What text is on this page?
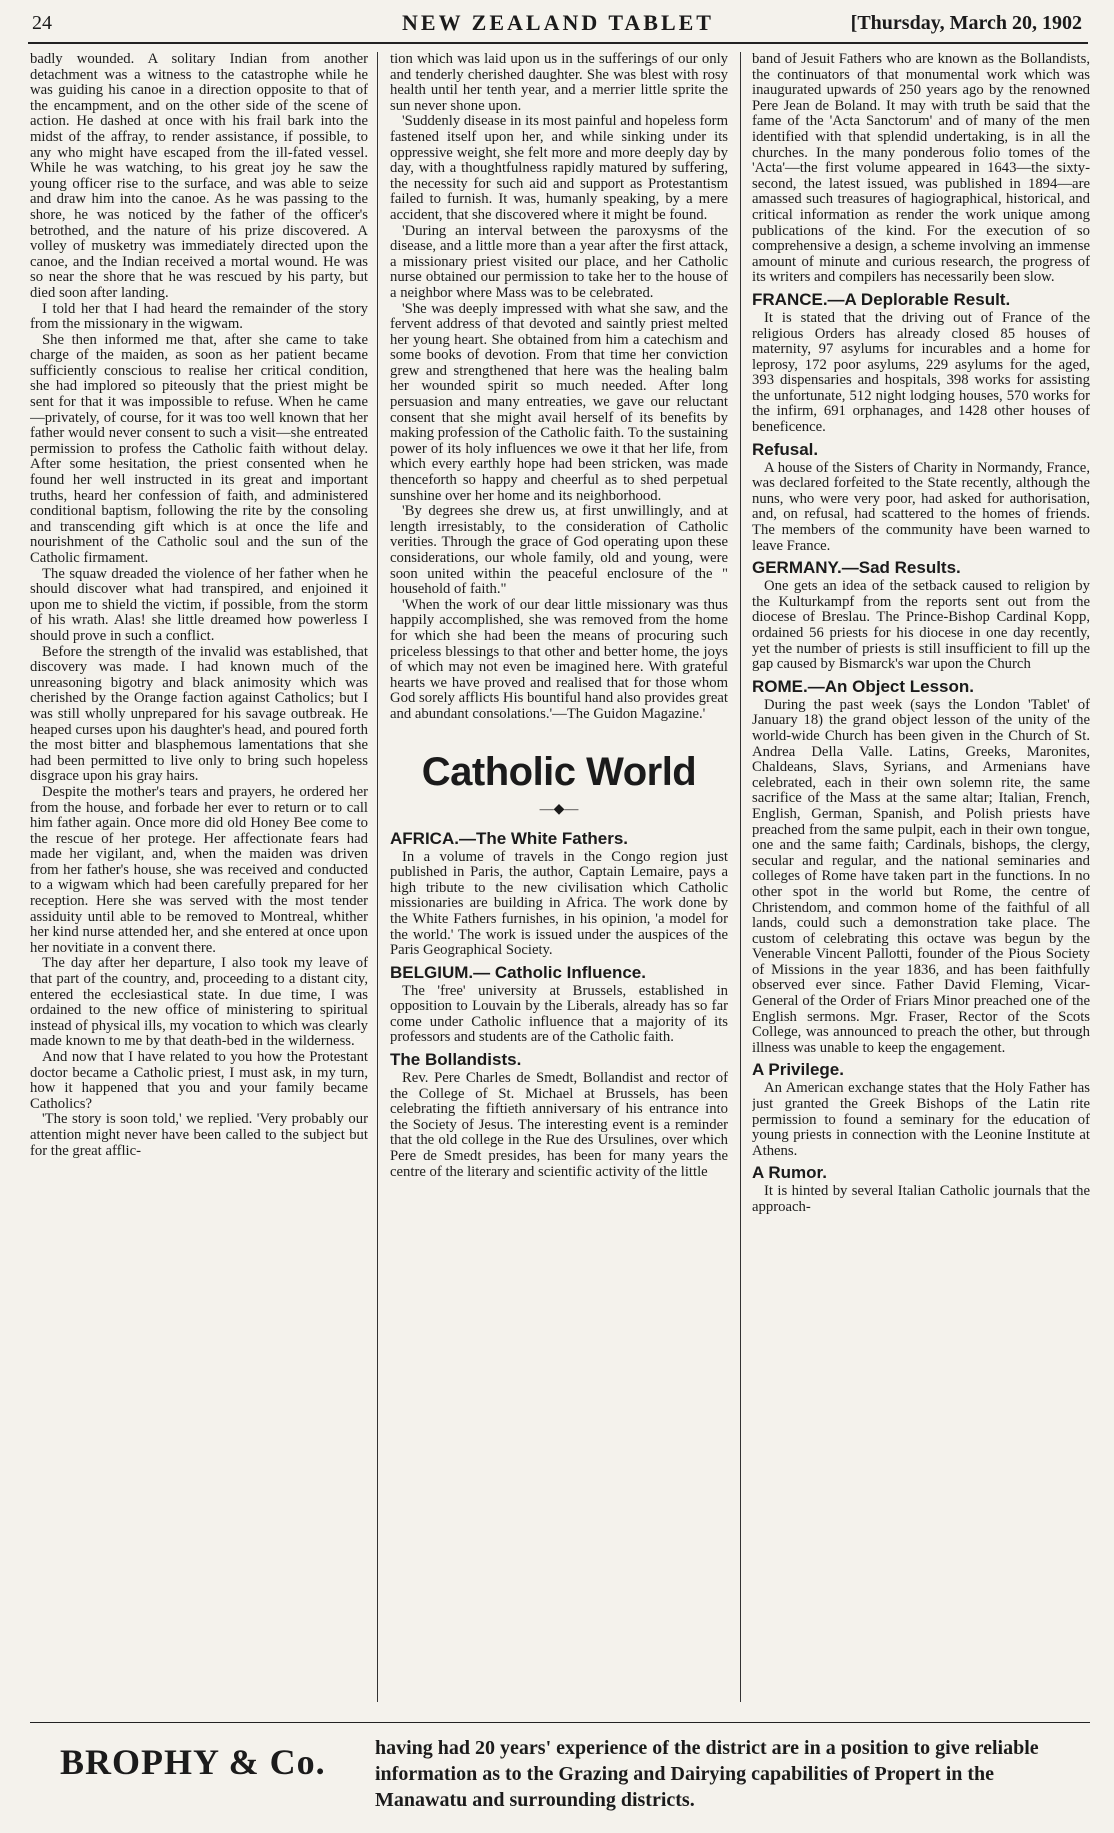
24	NEW ZEALAND TABLET	[Thursday, March 20, 1902

badly wounded. A solitary Indian from another detachment was a witness to the catastrophe while he was guiding his canoe in a direction opposite to that of the encampment, and on the other side of the scene of action. He dashed at once with his frail bark into the midst of the affray, to render assistance, if possible, to any who might have escaped from the ill-fated vessel. While he was watching, to his great joy he saw the young officer rise to the surface, and was able to seize and draw him into the canoe. As he was passing to the shore, he was noticed by the father of the officer's betrothed, and the nature of his prize discovered. A volley of musketry was immediately directed upon the canoe, and the Indian received a mortal wound. He was so near the shore that he was rescued by his party, but died soon after landing.

I told her that I had heard the remainder of the story from the missionary in the wigwam.

She then informed me that, after she came to take charge of the maiden, as soon as her patient became sufficiently conscious to realise her critical condition, she had implored so piteously that the priest might be sent for that it was impossible to refuse. When he came—privately, of course, for it was too well known that her father would never consent to such a visit—she entreated permission to profess the Catholic faith without delay. After some hesitation, the priest consented when he found her well instructed in its great and important truths, heard her confession of faith, and administered conditional baptism, following the rite by the consoling and transcending gift which is at once the life and nourishment of the Catholic soul and the sun of the Catholic firmament.

The squaw dreaded the violence of her father when he should discover what had transpired, and enjoined it upon me to shield the victim, if possible, from the storm of his wrath. Alas! she little dreamed how powerless I should prove in such a conflict.

Before the strength of the invalid was established, that discovery was made. I had known much of the unreasoning bigotry and black animosity which was cherished by the Orange faction against Catholics; but I was still wholly unprepared for his savage outbreak. He heaped curses upon his daughter's head, and poured forth the most bitter and blasphemous lamentations that she had been permitted to live only to bring such hopeless disgrace upon his gray hairs.

Despite the mother's tears and prayers, he ordered her from the house, and forbade her ever to return or to call him father again. Once more did old Honey Bee come to the rescue of her protege. Her affectionate fears had made her vigilant, and, when the maiden was driven from her father's house, she was received and conducted to a wigwam which had been carefully prepared for her reception. Here she was served with the most tender assiduity until able to be removed to Montreal, whither her kind nurse attended her, and she entered at once upon her novitiate in a convent there.

The day after her departure, I also took my leave of that part of the country, and, proceeding to a distant city, entered the ecclesiastical state. In due time, I was ordained to the new office of ministering to spiritual instead of physical ills, my vocation to which was clearly made known to me by that death-bed in the wilderness.

And now that I have related to you how the Protestant doctor became a Catholic priest, I must ask, in my turn, how it happened that you and your family became Catholics?

'The story is soon told,' we replied. 'Very probably our attention might never have been called to the subject but for the great afflic-

tion which was laid upon us in the sufferings of our only and tenderly cherished daughter. She was blest with rosy health until her tenth year, and a merrier little sprite the sun never shone upon.

'Suddenly disease in its most painful and hopeless form fastened itself upon her, and while sinking under its oppressive weight, she felt more and more deeply day by day, with a thoughtfulness rapidly matured by suffering, the necessity for such aid and support as Protestantism failed to furnish. It was, humanly speaking, by a mere accident, that she discovered where it might be found.

'During an interval between the paroxysms of the disease, and a little more than a year after the first attack, a missionary priest visited our place, and her Catholic nurse obtained our permission to take her to the house of a neighbor where Mass was to be celebrated.

'She was deeply impressed with what she saw, and the fervent address of that devoted and saintly priest melted her young heart. She obtained from him a catechism and some books of devotion. From that time her conviction grew and strengthened that here was the healing balm her wounded spirit so much needed. After long persuasion and many entreaties, we gave our reluctant consent that she might avail herself of its benefits by making profession of the Catholic faith. To the sustaining power of its holy influences we owe it that her life, from which every earthly hope had been stricken, was made thenceforth so happy and cheerful as to shed perpetual sunshine over her home and its neighborhood.

'By degrees she drew us, at first unwillingly, and at length irresistably, to the consideration of Catholic verities. Through the grace of God operating upon these considerations, our whole family, old and young, were soon united within the peaceful enclosure of the " household of faith."

'When the work of our dear little missionary was thus happily accomplished, she was removed from the home for which she had been the means of procuring such priceless blessings to that other and better home, the joys of which may not even be imagined here. With grateful hearts we have proved and realised that for those whom God sorely afflicts His bountiful hand also provides great and abundant consolations.'—The Guidon Magazine.'

Catholic World
—◆—
AFRICA.—The White Fathers.

In a volume of travels in the Congo region just published in Paris, the author, Captain Lemaire, pays a high tribute to the new civilisation which Catholic missionaries are building in Africa. The work done by the White Fathers furnishes, in his opinion, 'a model for the world.' The work is issued under the auspices of the Paris Geographical Society.

BELGIUM.— Catholic Influence.

The 'free' university at Brussels, established in opposition to Louvain by the Liberals, already has so far come under Catholic influence that a majority of its professors and students are of the Catholic faith.

The Bollandists.

Rev. Pere Charles de Smedt, Bollandist and rector of the College of St. Michael at Brussels, has been celebrating the fiftieth anniversary of his entrance into the Society of Jesus. The interesting event is a reminder that the old college in the Rue des Ursulines, over which Pere de Smedt presides, has been for many years the centre of the literary and scientific activity of the little

band of Jesuit Fathers who are known as the Bollandists, the continuators of that monumental work which was inaugurated upwards of 250 years ago by the renowned Pere Jean de Boland. It may with truth be said that the fame of the 'Acta Sanctorum' and of many of the men identified with that splendid undertaking, is in all the churches. In the many ponderous folio tomes of the 'Acta'—the first volume appeared in 1643—the sixty-second, the latest issued, was published in 1894—are amassed such treasures of hagiographical, historical, and critical information as render the work unique among publications of the kind. For the execution of so comprehensive a design, a scheme involving an immense amount of minute and curious research, the progress of its writers and compilers has necessarily been slow.

FRANCE.—A Deplorable Result.

It is stated that the driving out of France of the religious Orders has already closed 85 houses of maternity, 97 asylums for incurables and a home for leprosy, 172 poor asylums, 229 asylums for the aged, 393 dispensaries and hospitals, 398 works for assisting the unfortunate, 512 night lodging houses, 570 works for the infirm, 691 orphanages, and 1428 other houses of beneficence.

Refusal.

A house of the Sisters of Charity in Normandy, France, was declared forfeited to the State recently, although the nuns, who were very poor, had asked for authorisation, and, on refusal, had scattered to the homes of friends. The members of the community have been warned to leave France.

GERMANY.—Sad Results.

One gets an idea of the setback caused to religion by the Kulturkampf from the reports sent out from the diocese of Breslau. The Prince-Bishop Cardinal Kopp, ordained 56 priests for his diocese in one day recently, yet the number of priests is still insufficient to fill up the gap caused by Bismarck's war upon the Church

ROME.—An Object Lesson.

During the past week (says the London 'Tablet' of January 18) the grand object lesson of the unity of the world-wide Church has been given in the Church of St. Andrea Della Valle. Latins, Greeks, Maronites, Chaldeans, Slavs, Syrians, and Armenians have celebrated, each in their own solemn rite, the same sacrifice of the Mass at the same altar; Italian, French, English, German, Spanish, and Polish priests have preached from the same pulpit, each in their own tongue, one and the same faith; Cardinals, bishops, the clergy, secular and regular, and the national seminaries and colleges of Rome have taken part in the functions. In no other spot in the world but Rome, the centre of Christendom, and common home of the faithful of all lands, could such a demonstration take place. The custom of celebrating this octave was begun by the Venerable Vincent Pallotti, founder of the Pious Society of Missions in the year 1836, and has been faithfully observed ever since. Father David Fleming, Vicar-General of the Order of Friars Minor preached one of the English sermons. Mgr. Fraser, Rector of the Scots College, was announced to preach the other, but through illness was unable to keep the engagement.

A Privilege.

An American exchange states that the Holy Father has just granted the Greek Bishops of the Latin rite permission to found a seminary for the education of young priests in connection with the Leonine Institute at Athens.

A Rumor.

It is hinted by several Italian Catholic journals that the approach-

BROPHY & Co. having had 20 years' experience of the district are in a position to give reliable information as to the Grazing and Dairying capabilities of Propert in the Manawatu and surrounding districts.
